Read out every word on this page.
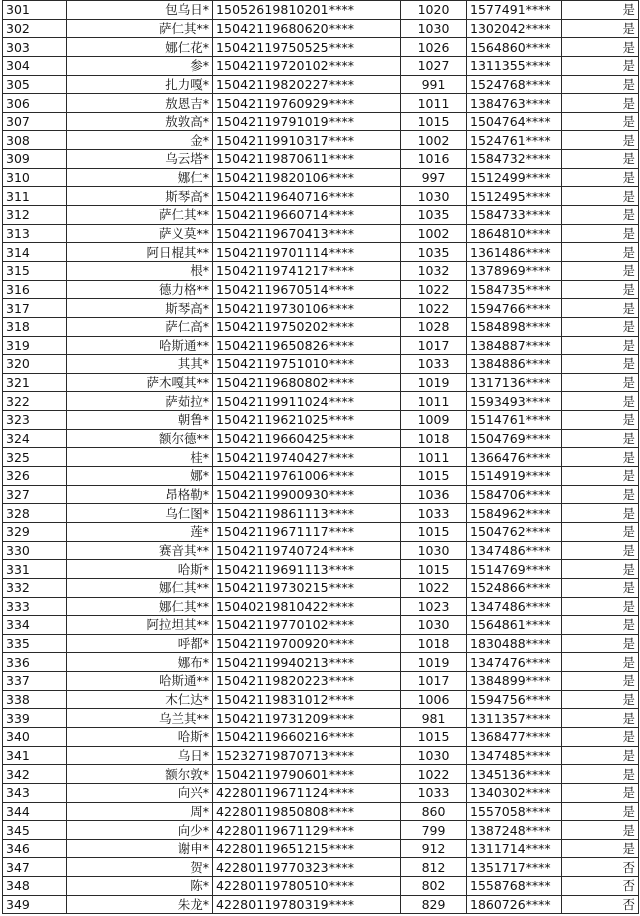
301	包乌日*	15052619810201****	1020	1577491****	是
302	萨仁其**	15042119680620****	1030	1302042****	是
303	娜仁花*	15042119750525****	1026	1564860****	是
304	参*	15042119720102****	1027	1311355****	是
305	扎力嘎*	15042119820227****	991	1524768****	是
306	敖恩吉*	15042119760929****	1011	1384763****	是
307	敖敦高*	15042119791019****	1015	1504764****	是
308	金*	15042119910317****	1002	1524761****	是
309	乌云塔*	15042119870611****	1016	1584732****	是
310	娜仁*	15042119820106****	997	1512499****	是
311	斯琴高*	15042119640716****	1030	1512495****	是
312	萨仁其**	15042119660714****	1035	1584733****	是
313	萨义莫**	15042119670413****	1002	1864810****	是
314	阿日棍其**	15042119701114****	1035	1361486****	是
315	根*	15042119741217****	1032	1378969****	是
316	德力格**	15042119670514****	1022	1584735****	是
317	斯琴高*	15042119730106****	1022	1594766****	是
318	萨仁高*	15042119750202****	1028	1584898****	是
319	哈斯通**	15042119650826****	1017	1384887****	是
320	其其*	15042119751010****	1033	1384886****	是
321	萨木嘎其**	15042119680802****	1019	1317136****	是
322	萨茹拉*	15042119911024****	1011	1593493****	是
323	朝鲁*	15042119621025****	1009	1514761****	是
324	额尔德**	15042119660425****	1018	1504769****	是
325	桂*	15042119740427****	1011	1366476****	是
326	娜*	15042119761006****	1015	1514919****	是
327	昂格勒*	15042119900930****	1036	1584706****	是
328	乌仁图*	15042119861113****	1033	1584962****	是
329	莲*	15042119671117****	1015	1504762****	是
330	赛音其**	15042119740724****	1030	1347486****	是
331	哈斯*	15042119691113****	1015	1514769****	是
332	娜仁其**	15042119730215****	1022	1524866****	是
333	娜仁其**	15040219810422****	1023	1347486****	是
334	阿拉坦其**	15042119770102****	1030	1564861****	是
335	呼都*	15042119700920****	1018	1830488****	是
336	娜布*	15042119940213****	1019	1347476****	是
337	哈斯通**	15042119820223****	1017	1384899****	是
338	木仁达*	15042119831012****	1006	1594756****	是
339	乌兰其**	15042119731209****	981	1311357****	是
340	哈斯*	15042119660216****	1015	1368477****	是
341	乌日*	15232719870713****	1030	1347485****	是
342	额尔敦*	15042119790601****	1022	1345136****	是
343	向兴*	42280119671124****	1033	1340302****	是
344	周*	42280119850808****	860	1557058****	是
345	向少*	42280119671129****	799	1387248****	是
346	谢申*	42280119651215****	912	1311714****	是
347	贺*	42280119770323****	812	1351717****	否
348	陈*	42280119780510****	802	1558768****	否
349	朱龙*	42280119780319****	829	1860726****	否
